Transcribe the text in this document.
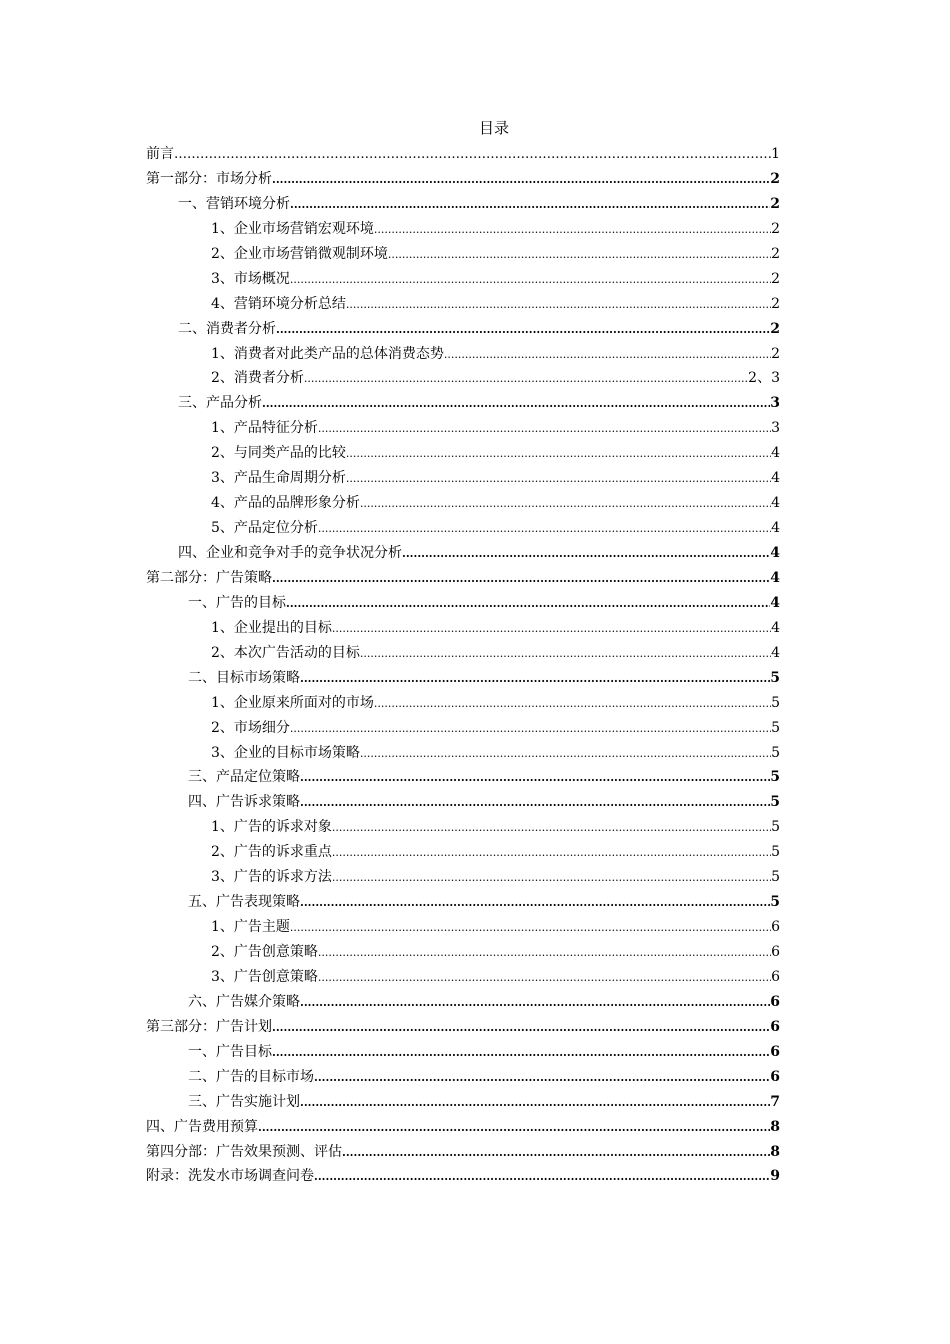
目录
前言 ……………………………………………………………………………………………………………………………………………………………………………………………	1
第一部分：市场分析 .....	2
一、营销环境分析 .....	2
1、企业市场营销宏观环境 .....	2
2、企业市场营销微观制环境 .....	2
3、市场概况 .....	2
4、营销环境分析总结 .....	2
二、消费者分析 .....	2
1、消费者对此类产品的总体消费态势 .....	2
2、消费者分析 .....	2、3
三、产品分析 .....	3
1、产品特征分析 .....	3
2、与同类产品的比较 .....	4
3、产品生命周期分析 .....	4
4、产品的品牌形象分析 .....	4
5、产品定位分析 .....	4
四、企业和竞争对手的竞争状况分析 .....	4
第二部分：广告策略 .....	4
一、广告的目标 .....	4
1、企业提出的目标 .....	4
2、本次广告活动的目标 .....	4
二、目标市场策略 .....	5
1、企业原来所面对的市场 .....	5
2、市场细分 .....	5
3、企业的目标市场策略 .....	5
三、产品定位策略 .....	5
四、广告诉求策略 .....	5
1、广告的诉求对象 .....	5
2、广告的诉求重点 .....	5
3、广告的诉求方法 .....	5
五、广告表现策略 .....	5
1、广告主题 .....	6
2、广告创意策略 .....	6
3、广告创意策略 .....	6
六、广告媒介策略 .....	6
第三部分：广告计划 .....	6
一、广告目标 .....	6
二、广告的目标市场 .....	6
三、广告实施计划 .....	7
四、广告费用预算 .....	8
第四分部：广告效果预测、评估 .....	8
附录：洗发水市场调查问卷 .....	9
